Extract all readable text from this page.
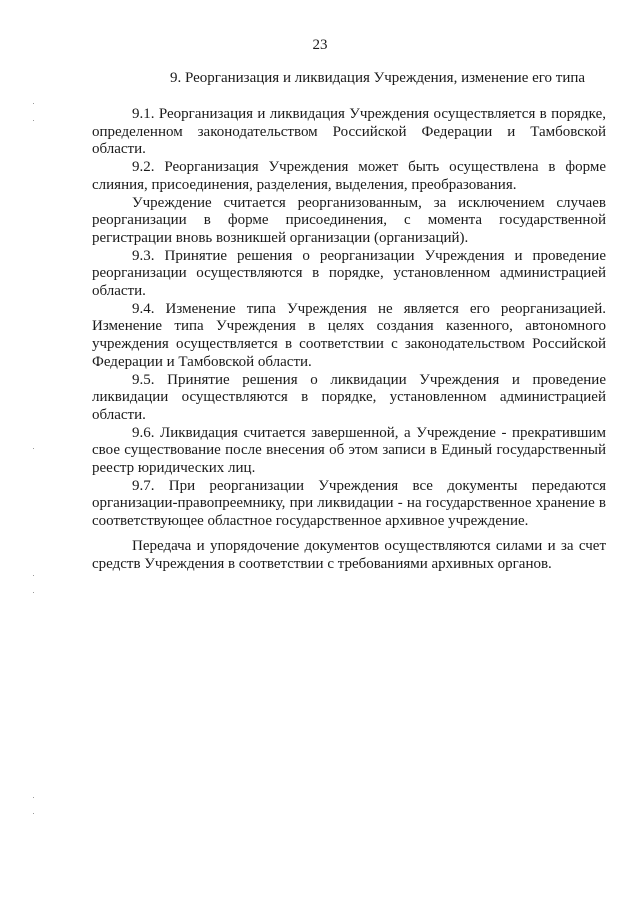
23
9. Реорганизация и ликвидация Учреждения, изменение его типа

9.1. Реорганизация и ликвидация Учреждения осуществляется в порядке, определенном законодательством Российской Федерации и Тамбовской области.

9.2. Реорганизация Учреждения может быть осуществлена в форме слияния, присоединения, разделения, выделения, преобразования.

Учреждение считается реорганизованным, за исключением случаев реорганизации в форме присоединения, с момента государственной регистрации вновь возникшей организации (организаций).

9.3. Принятие решения о реорганизации Учреждения и проведение реорганизации осуществляются в порядке, установленном администрацией области.

9.4. Изменение типа Учреждения не является его реорганизацией. Изменение типа Учреждения в целях создания казенного, автономного учреждения осуществляется в соответствии с законодательством Российской Федерации и Тамбовской области.

9.5. Принятие решения о ликвидации Учреждения и проведение ликвидации осуществляются в порядке, установленном администрацией области.

9.6. Ликвидация считается завершенной, а Учреждение - прекратившим свое существование после внесения об этом записи в Единый государственный реестр юридических лиц.

9.7. При реорганизации Учреждения все документы передаются организации-правопреемнику, при ликвидации - на государственное хранение в соответствующее областное государственное архивное учреждение.

Передача и упорядочение документов осуществляются силами и за счет средств Учреждения в соответствии с требованиями архивных органов.
